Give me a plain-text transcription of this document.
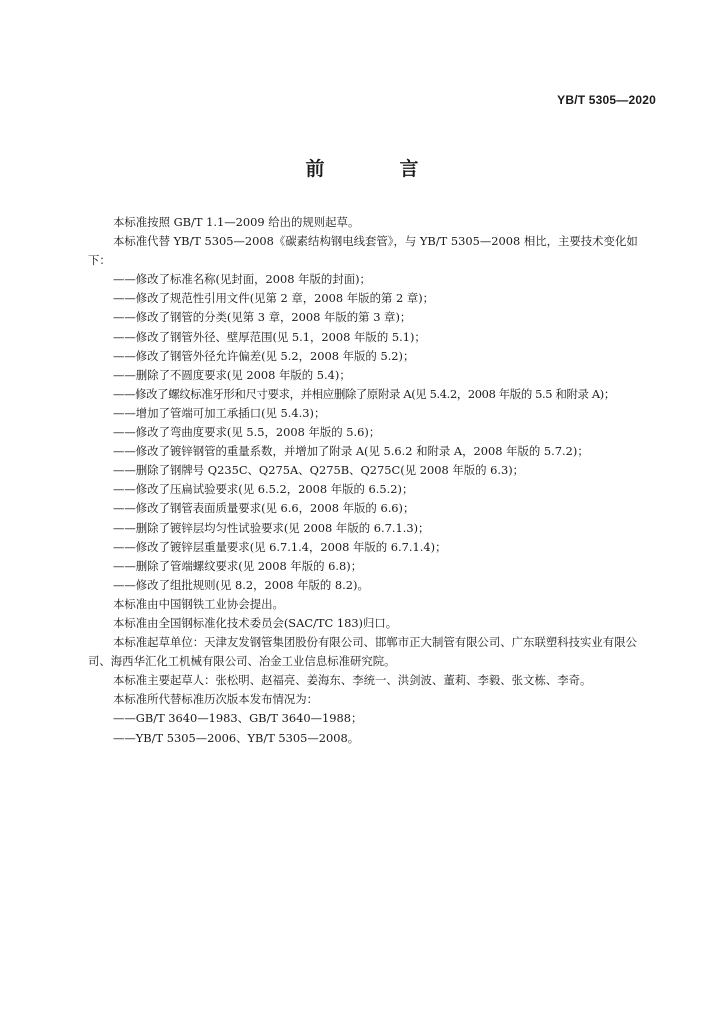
YB/T 5305—2020
前　言

本标准按照 GB/T 1.1—2009 给出的规则起草。

本标准代替 YB/T 5305—2008《碳素结构钢电线套管》，与 YB/T 5305—2008 相比，主要技术变化如下：

——修改了标准名称(见封面，2008 年版的封面)；

——修改了规范性引用文件(见第 2 章，2008 年版的第 2 章)；

——修改了钢管的分类(见第 3 章，2008 年版的第 3 章)；

——修改了钢管外径、壁厚范围(见 5.1，2008 年版的 5.1)；

——修改了钢管外径允许偏差(见 5.2，2008 年版的 5.2)；

——删除了不圆度要求(见 2008 年版的 5.4)；

——修改了螺纹标准牙形和尺寸要求，并相应删除了原附录 A(见 5.4.2，2008 年版的 5.5 和附录 A)；

——增加了管端可加工承插口(见 5.4.3)；

——修改了弯曲度要求(见 5.5，2008 年版的 5.6)；

——修改了镀锌钢管的重量系数，并增加了附录 A(见 5.6.2 和附录 A，2008 年版的 5.7.2)；

——删除了钢牌号 Q235C、Q275A、Q275B、Q275C(见 2008 年版的 6.3)；

——修改了压扁试验要求(见 6.5.2，2008 年版的 6.5.2)；

——修改了钢管表面质量要求(见 6.6，2008 年版的 6.6)；

——删除了镀锌层均匀性试验要求(见 2008 年版的 6.7.1.3)；

——修改了镀锌层重量要求(见 6.7.1.4，2008 年版的 6.7.1.4)；

——删除了管端螺纹要求(见 2008 年版的 6.8)；

——修改了组批规则(见 8.2，2008 年版的 8.2)。

本标准由中国钢铁工业协会提出。

本标准由全国钢标准化技术委员会(SAC/TC 183)归口。

本标准起草单位：天津友发钢管集团股份有限公司、邯郸市正大制管有限公司、广东联塑科技实业有限公司、海西华汇化工机械有限公司、冶金工业信息标准研究院。

本标准主要起草人：张松明、赵福亮、姜海东、李统一、洪剑波、董莉、李毅、张文栋、李奇。

本标准所代替标准历次版本发布情况为：

——GB/T 3640—1983、GB/T 3640—1988；

——YB/T 5305—2006、YB/T 5305—2008。
